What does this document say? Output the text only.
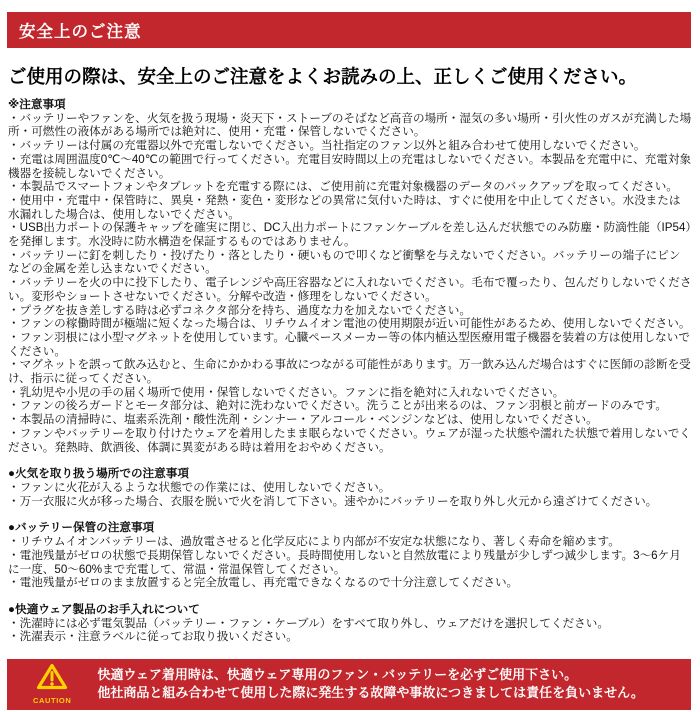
安全上のご注意
ご使用の際は、安全上のご注意をよくお読みの上、正しくご使用ください。

※注意事項

・バッテリーやファンを、火気を扱う現場・炎天下・ストーブのそばなど高音の場所・湿気の多い場所・引火性のガスが充満した場所・可燃性の液体がある場所では絶対に、使用・充電・保管しないでください。

・バッテリーは付属の充電器以外で充電しないでください。当社指定のファン以外と組み合わせて使用しないでください。

・充電は周囲温度0℃～40℃の範囲で行ってください。充電目安時間以上の充電はしないでください。本製品を充電中に、充電対象機器を接続しないでください。

・本製品でスマートフォンやタブレットを充電する際には、ご使用前に充電対象機器のデータのバックアップを取ってください。

・使用中・充電中・保管時に、異臭・発熱・変色・変形などの異常に気付いた時は、すぐに使用を中止してください。水没または水漏れした場合は、使用しないでください。

・USB出力ポートの保護キャップを確実に閉じ、DC入出力ポートにファンケーブルを差し込んだ状態でのみ防塵・防滴性能（IP54）を発揮します。水没時に防水構造を保証するものではありません。

・バッテリーに釘を刺したり・投げたり・落としたり・硬いもので叩くなど衝撃を与えないでください。バッテリーの端子にピンなどの金属を差し込まないでください。

・バッテリーを火の中に投下したり、電子レンジや高圧容器などに入れないでください。毛布で覆ったり、包んだりしないでください。変形やショートさせないでください。分解や改造・修理をしないでください。

・プラグを抜き差しする時は必ずコネクタ部分を持ち、過度な力を加えないでください。

・ファンの稼働時間が極端に短くなった場合は、リチウムイオン電池の使用期限が近い可能性があるため、使用しないでください。

・ファン羽根には小型マグネットを使用しています。心臓ペースメーカー等の体内植込型医療用電子機器を装着の方は使用しないでください。

・マグネットを誤って飲み込むと、生命にかかわる事故につながる可能性があります。万一飲み込んだ場合はすぐに医師の診断を受け、指示に従ってください。

・乳幼児や小児の手の届く場所で使用・保管しないでください。ファンに指を絶対に入れないでください。

・ファンの後ろガードとモータ部分は、絶対に洗わないでください。洗うことが出来るのは、ファン羽根と前ガードのみです。

・本製品の清掃時に、塩素系洗剤・酸性洗剤・シンナー・アルコール・ベンジンなどは、使用しないでください。

・ファンやバッテリーを取り付けたウェアを着用したまま眠らないでください。ウェアが湿った状態や濡れた状態で着用しないでください。発熱時、飲酒後、体調に異変がある時は着用をおやめください。

●火気を取り扱う場所での注意事項

・ファンに火花が入るような状態での作業には、使用しないでください。

・万一衣服に火が移った場合、衣服を脱いで火を消して下さい。速やかにバッテリーを取り外し火元から遠ざけてください。

●バッテリー保管の注意事項

・リチウムイオンバッテリーは、過放電させると化学反応により内部が不安定な状態になり、著しく寿命を縮めます。

・電池残量がゼロの状態で長期保管しないでください。長時間使用しないと自然放電により残量が少しずつ減少します。3～6ケ月に一度、50～60%まで充電して、常温・常温保管してください。

・電池残量がゼロのまま放置すると完全放電し、再充電できなくなるので十分注意してください。

●快適ウェア製品のお手入れについて

・洗濯時には必ず電気製品（バッテリー・ファン・ケーブル）をすべて取り外し、ウェアだけを選択してください。

・洗濯表示・注意ラベルに従ってお取り扱いください。

CAUTION
快適ウェア着用時は、快適ウェア専用のファン・バッテリーを必ずご使用下さい。
他社商品と組み合わせて使用した際に発生する故障や事故につきましては責任を負いません。
